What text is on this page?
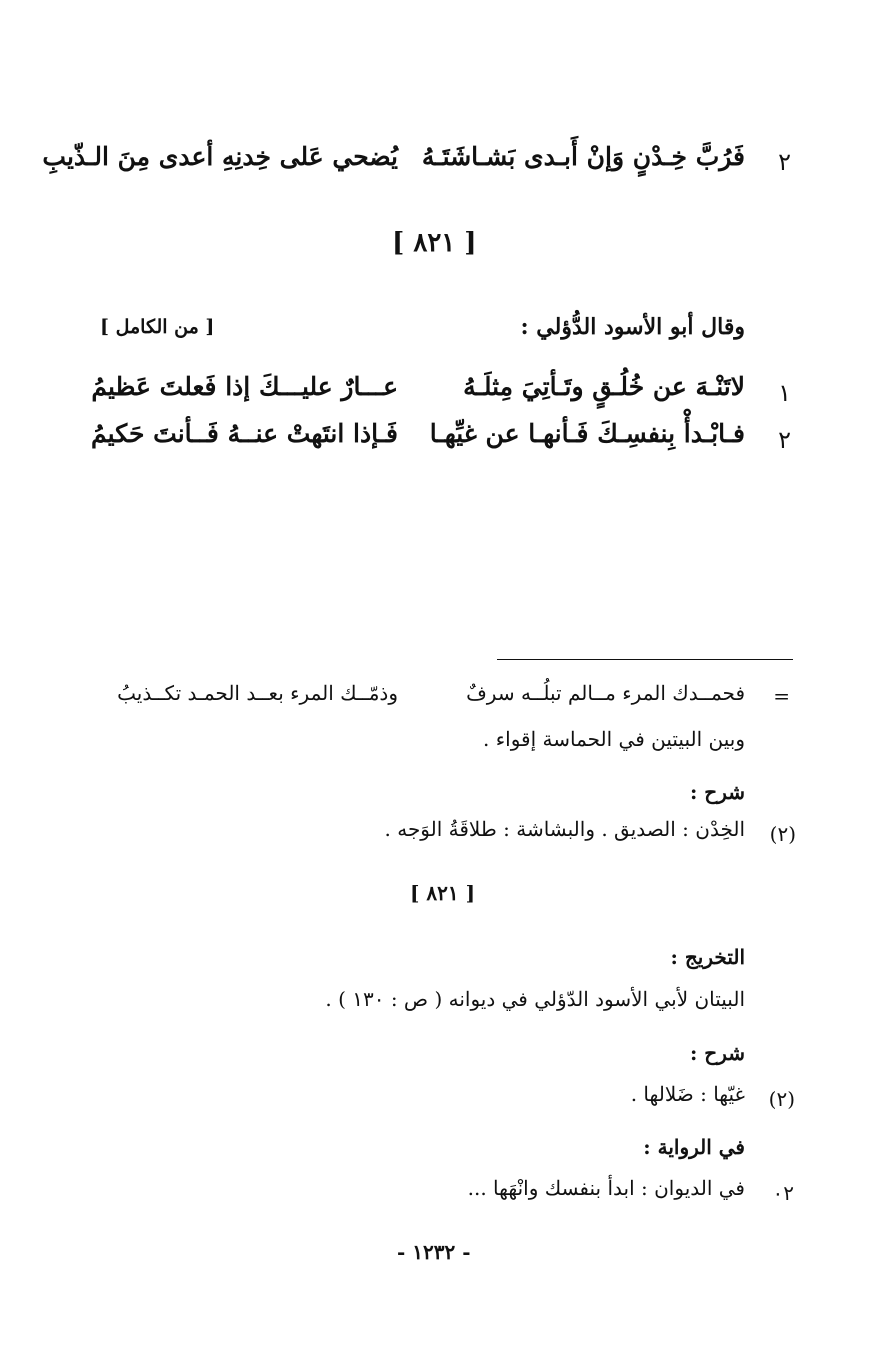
٢
فَرُبَّ خِـدْنٍ وَإنْ أَبـدى بَشـاشَتَـهُ
يُضحي عَلى خِدنِهِ أعدى مِنَ الـذّيبِ
[ ٨٢١ ]
وقال أبو الأسود الدُّؤلي :
[ من الكامل ]
١
لاتَنْـهَ عن خُلُـقٍ وتَـأتِيَ مِثلَـهُ
عـــارٌ عليـــكَ إذا فَعلتَ عَظيمُ
٢
فـابْـدأْ بِنفسِـكَ فَـأنهـا عن غيِّهـا
فَـإذا انتَهتْ عنــهُ فَــأنتَ حَكيمُ
=
فحمــدك المرء مــالم تبلُــه سرفٌ
وذمّــك المرء بعــد الحمـد تكــذيبُ
وبين البيتين في الحماسة إقواء .
شرح :
(٢)
الخِدْن : الصديق . والبشاشة : طلاقَةُ الوَجه .
[ ٨٢١ ]
التخريج :
البيتان لأبي الأسود الدّؤلي في ديوانه ( ص : ١٣٠ ) .
شرح :
(٢)
غيّها : ضَلالها .
في الرواية :
٠٢
في الديوان : ابدأ بنفسك وانْهَها ...
- ١٢٣٢ -
